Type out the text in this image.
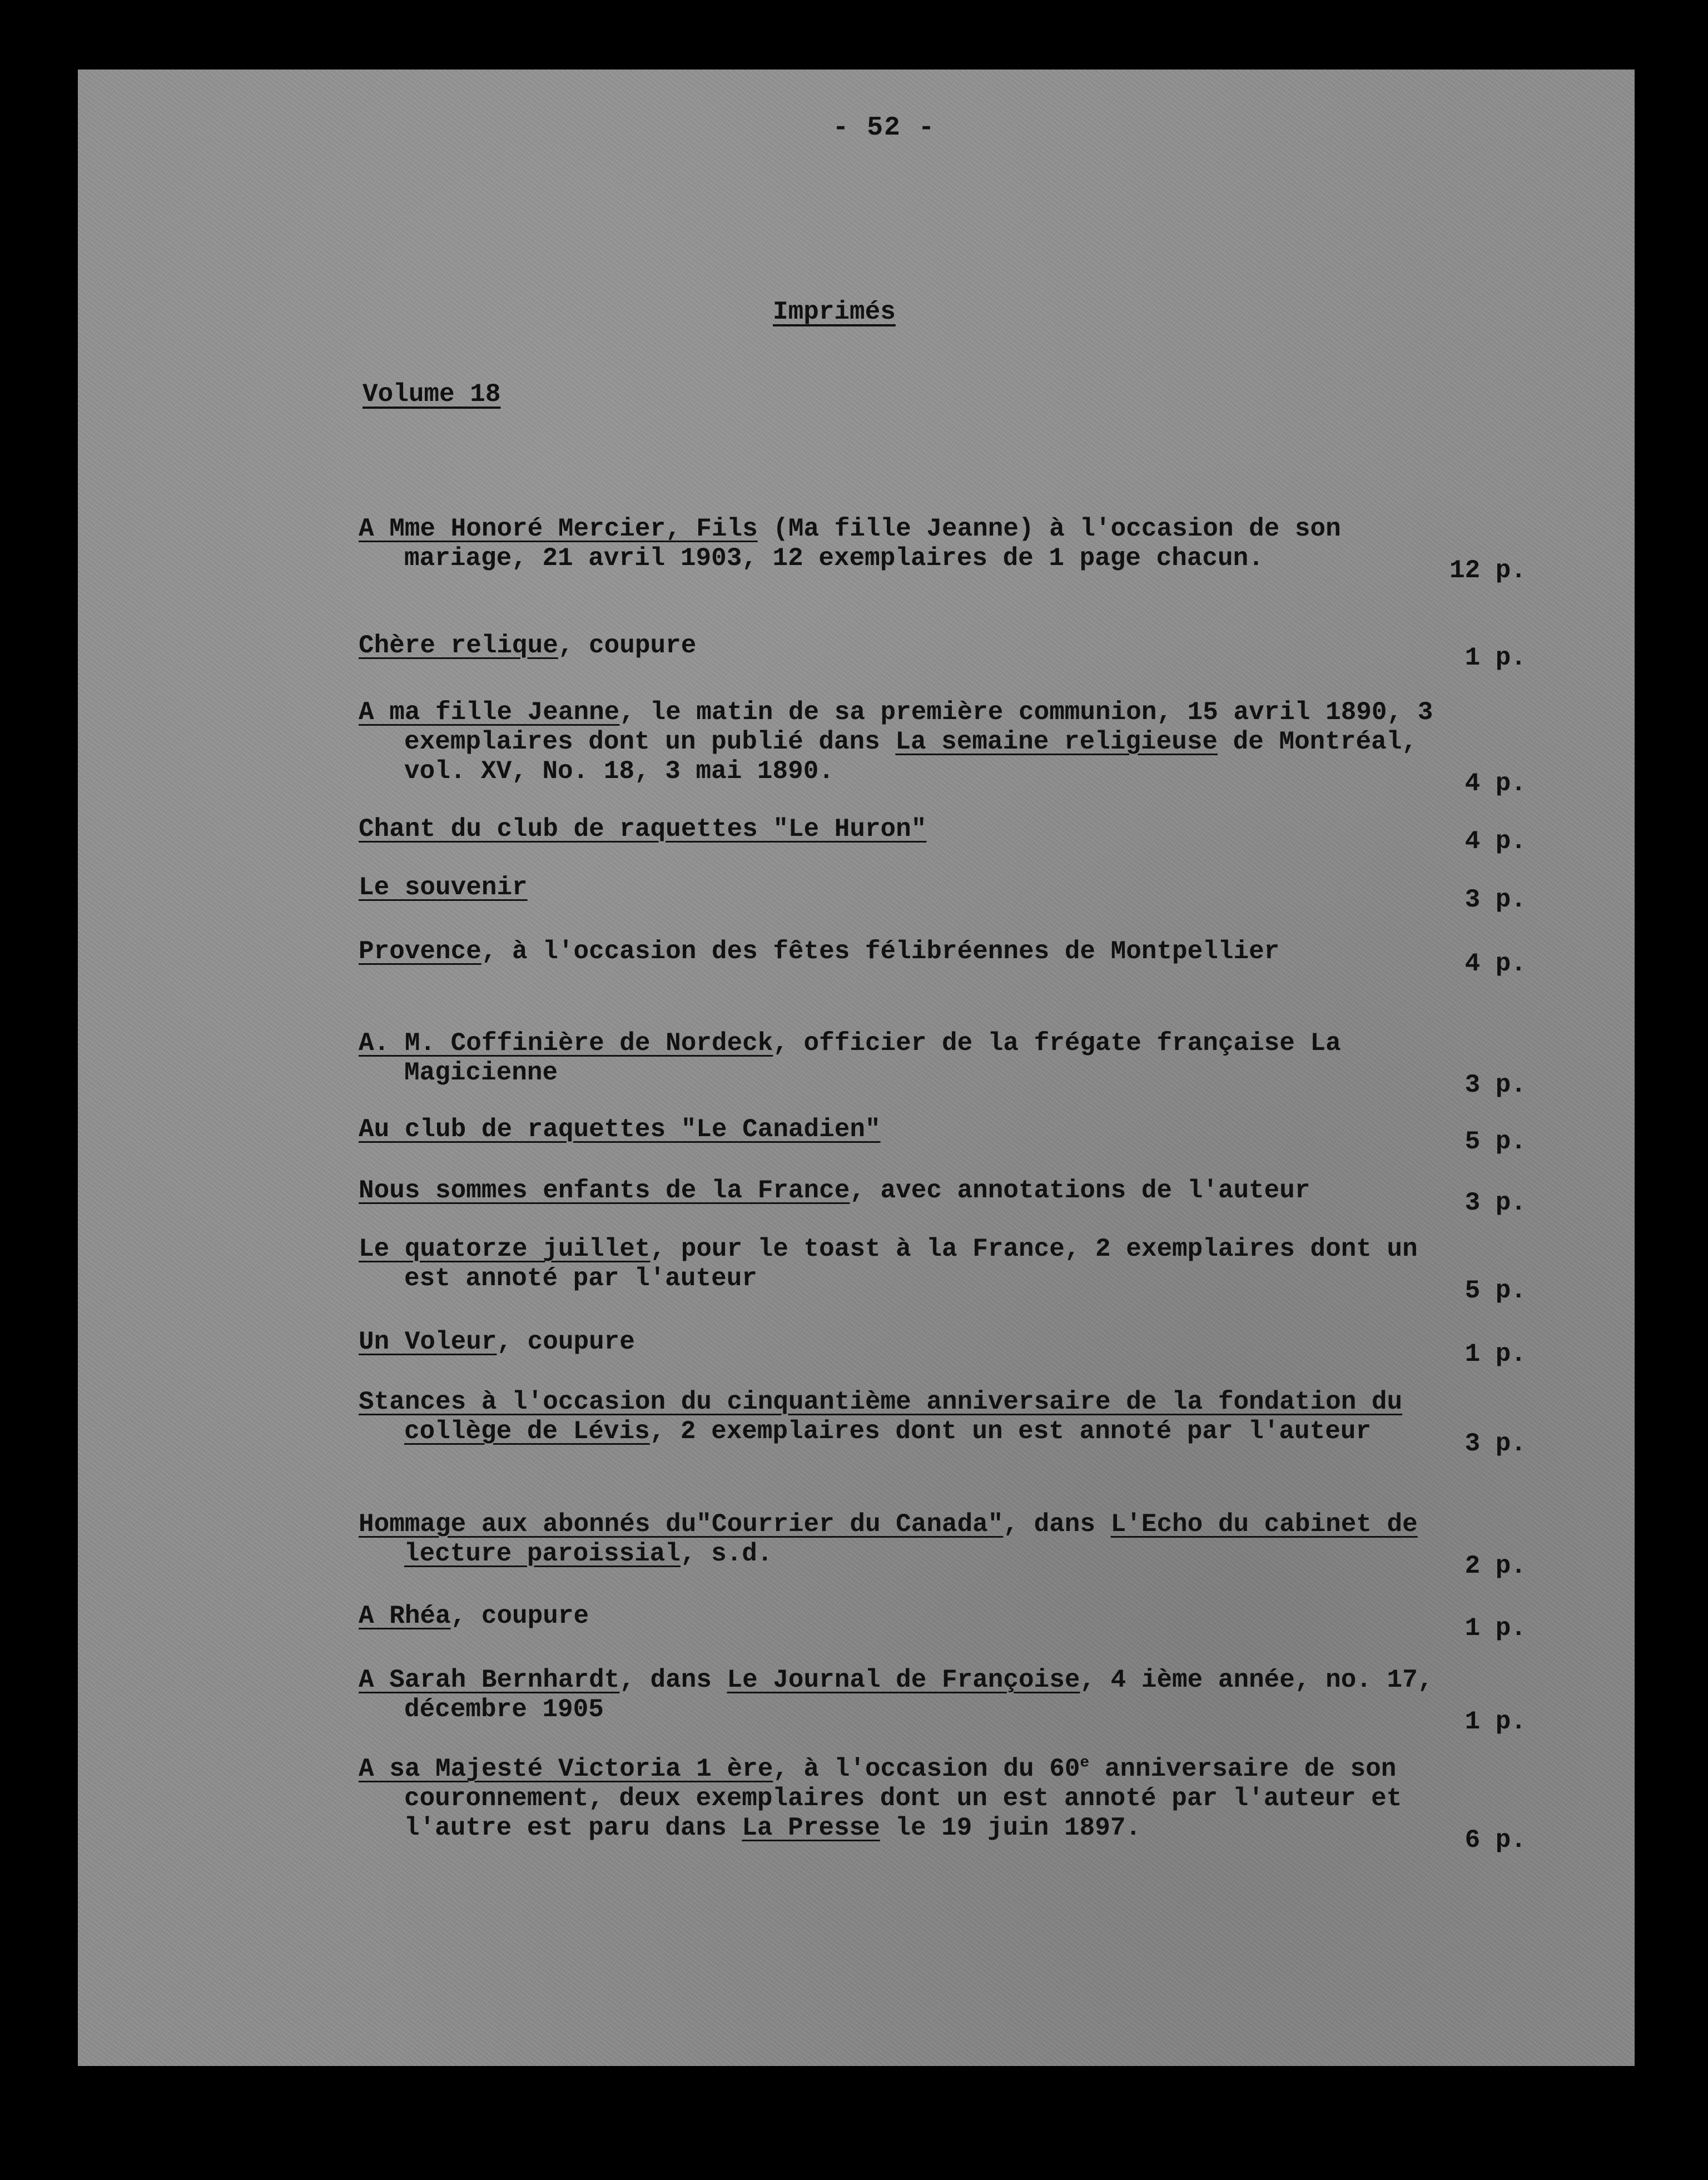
- 52 -
Imprimés
Volume 18
A Mme Honoré Mercier, Fils (Ma fille Jeanne) à l'occasion de son mariage, 21 avril 1903, 12 exemplaires de 1 page chacun.	12 p.
Chère relique, coupure	1 p.
A ma fille Jeanne, le matin de sa première communion, 15 avril 1890, 3 exemplaires dont un publié dans La semaine religieuse de Montréal, vol. XV, No. 18, 3 mai 1890.	4 p.
Chant du club de raquettes "Le Huron"	4 p.
Le souvenir	3 p.
Provence, à l'occasion des fêtes félibréennes de Montpellier	4 p.
A. M. Coffinière de Nordeck, officier de la frégate française La Magicienne	3 p.
Au club de raquettes "Le Canadien"	5 p.
Nous sommes enfants de la France, avec annotations de l'auteur	3 p.
Le quatorze juillet, pour le toast à la France, 2 exemplaires dont un est annoté par l'auteur	5 p.
Un Voleur, coupure	1 p.
Stances à l'occasion du cinquantième anniversaire de la fondation du collège de Lévis, 2 exemplaires dont un est annoté par l'auteur	3 p.
Hommage aux abonnés du"Courrier du Canada", dans L'Echo du cabinet de lecture paroissial, s.d.	2 p.
A Rhéa, coupure	1 p.
A Sarah Bernhardt, dans Le Journal de Françoise, 4 ième année, no. 17, décembre 1905	1 p.
A sa Majesté Victoria 1 ère, à l'occasion du 60e anniversaire de son couronnement, deux exemplaires dont un est annoté par l'auteur et l'autre est paru dans La Presse le 19 juin 1897.	6 p.
